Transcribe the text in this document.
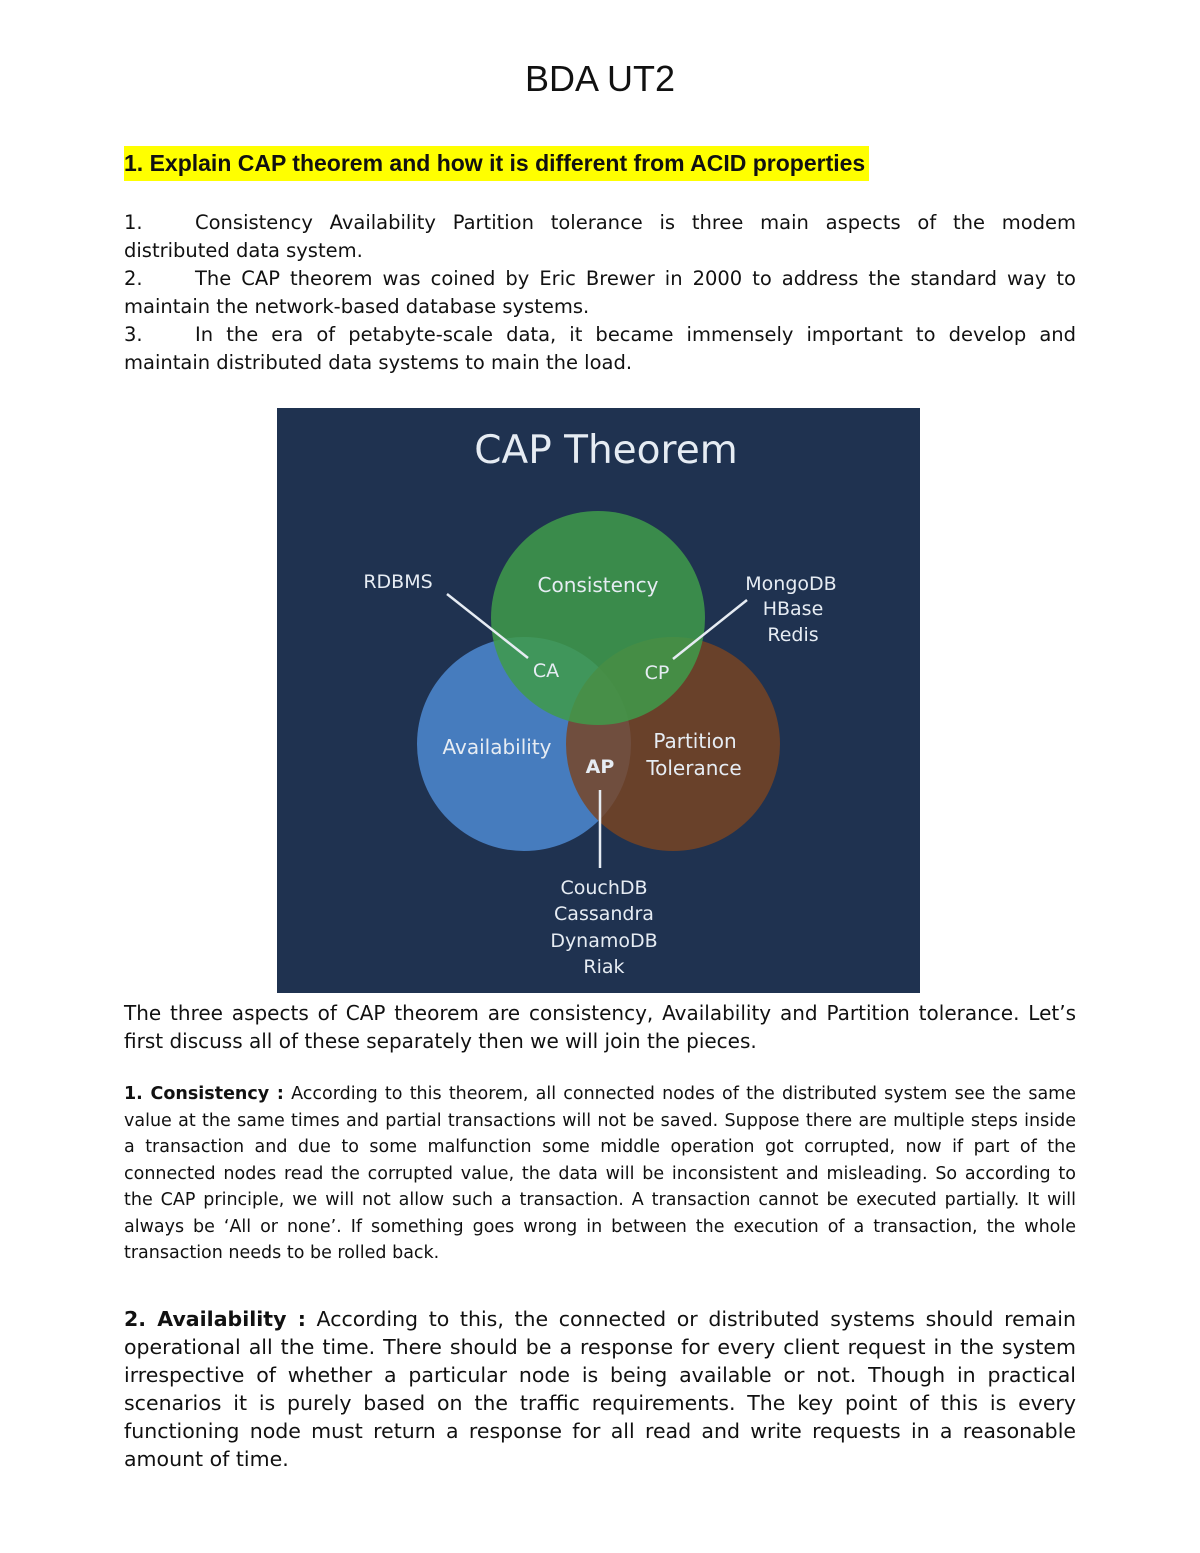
BDA UT2
1. Explain CAP theorem and how it is different from ACID properties

1.	Consistency Availability Partition tolerance is three main aspects of the modem distributed data system.

2.	The CAP theorem was coined by Eric Brewer in 2000 to address the standard way to maintain the network-based database systems.

3.	In the era of petabyte-scale data, it became immensely important to develop and maintain distributed data systems to main the load.

CAP Theorem
Consistency
Availability	Partition
Tolerance
CA	CP
AP
RDBMS	MongoDB
HBase
Redis
CouchDB
Cassandra
DynamoDB
Riak

The three aspects of CAP theorem are consistency, Availability and Partition tolerance. Let’s first discuss all of these separately then we will join the pieces.

1. Consistency : According to this theorem, all connected nodes of the distributed system see the same value at the same times and partial transactions will not be saved. Suppose there are multiple steps inside a transaction and due to some malfunction some middle operation got corrupted, now if part of the connected nodes read the corrupted value, the data will be inconsistent and misleading. So according to the CAP principle, we will not allow such a transaction. A transaction cannot be executed partially. It will always be ‘All or none’. If something goes wrong in between the execution of a transaction, the whole transaction needs to be rolled back.

2. Availability : According to this, the connected or distributed systems should remain operational all the time. There should be a response for every client request in the system irrespective of whether a particular node is being available or not. Though in practical scenarios it is purely based on the traffic requirements. The key point of this is every functioning node must return a response for all read and write requests in a reasonable amount of time.
